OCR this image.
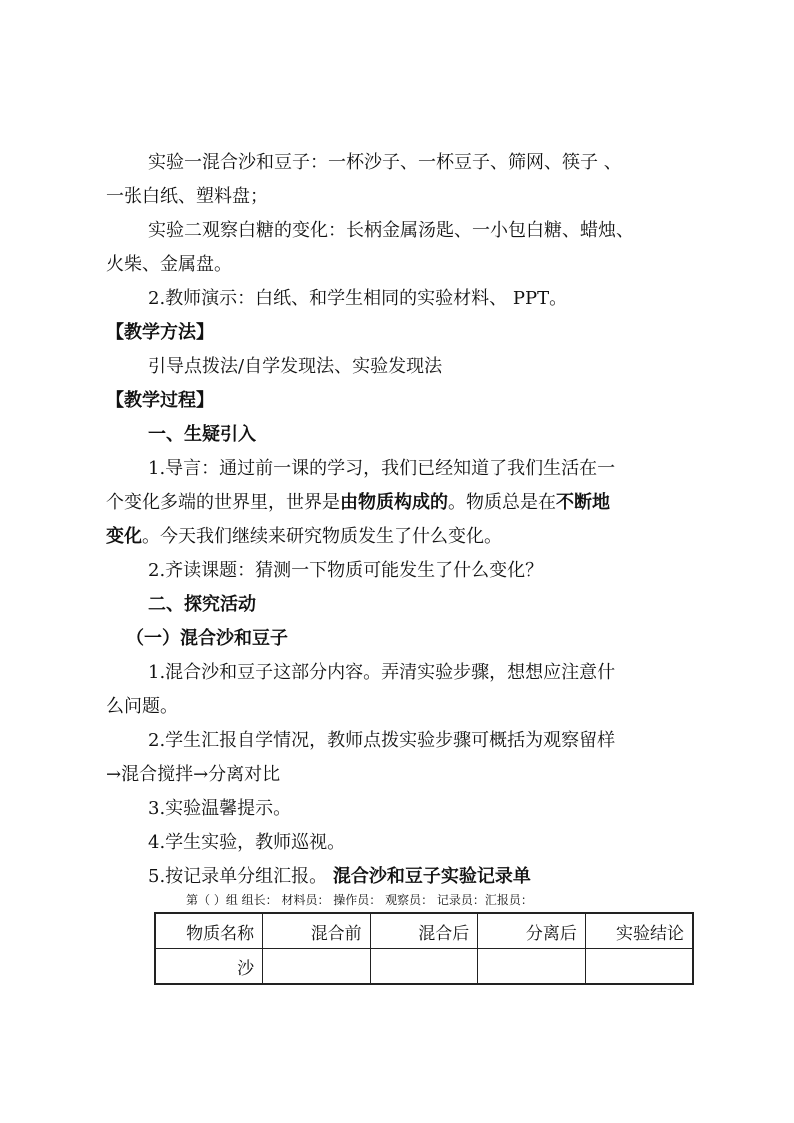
实验一混合沙和豆子：一杯沙子、一杯豆子、筛网、筷子 、

一张白纸、塑料盘；

实验二观察白糖的变化：长柄金属汤匙、一小包白糖、蜡烛、

火柴、金属盘。

2.教师演示：白纸、和学生相同的实验材料、 PPT。

【教学方法】

引导点拨法/自学发现法、实验发现法

【教学过程】

一、生疑引入

1.导言：通过前一课的学习，我们已经知道了我们生活在一

个变化多端的世界里，世界是由物质构成的。物质总是在不断地

变化。今天我们继续来研究物质发生了什么变化。

2.齐读课题：猜测一下物质可能发生了什么变化？

二、探究活动

（一）混合沙和豆子

1.混合沙和豆子这部分内容。弄清实验步骤，想想应注意什

么问题。

2.学生汇报自学情况，教师点拨实验步骤可概括为观察留样

→混合搅拌→分离对比

3.实验温馨提示。

4.学生实验，教师巡视。

5.按记录单分组汇报。 混合沙和豆子实验记录单

第（ ）组 组长： 材料员： 操作员： 观察员： 记录员：汇报员：
物质名称	混合前	混合后	分离后	实验结论
沙				
